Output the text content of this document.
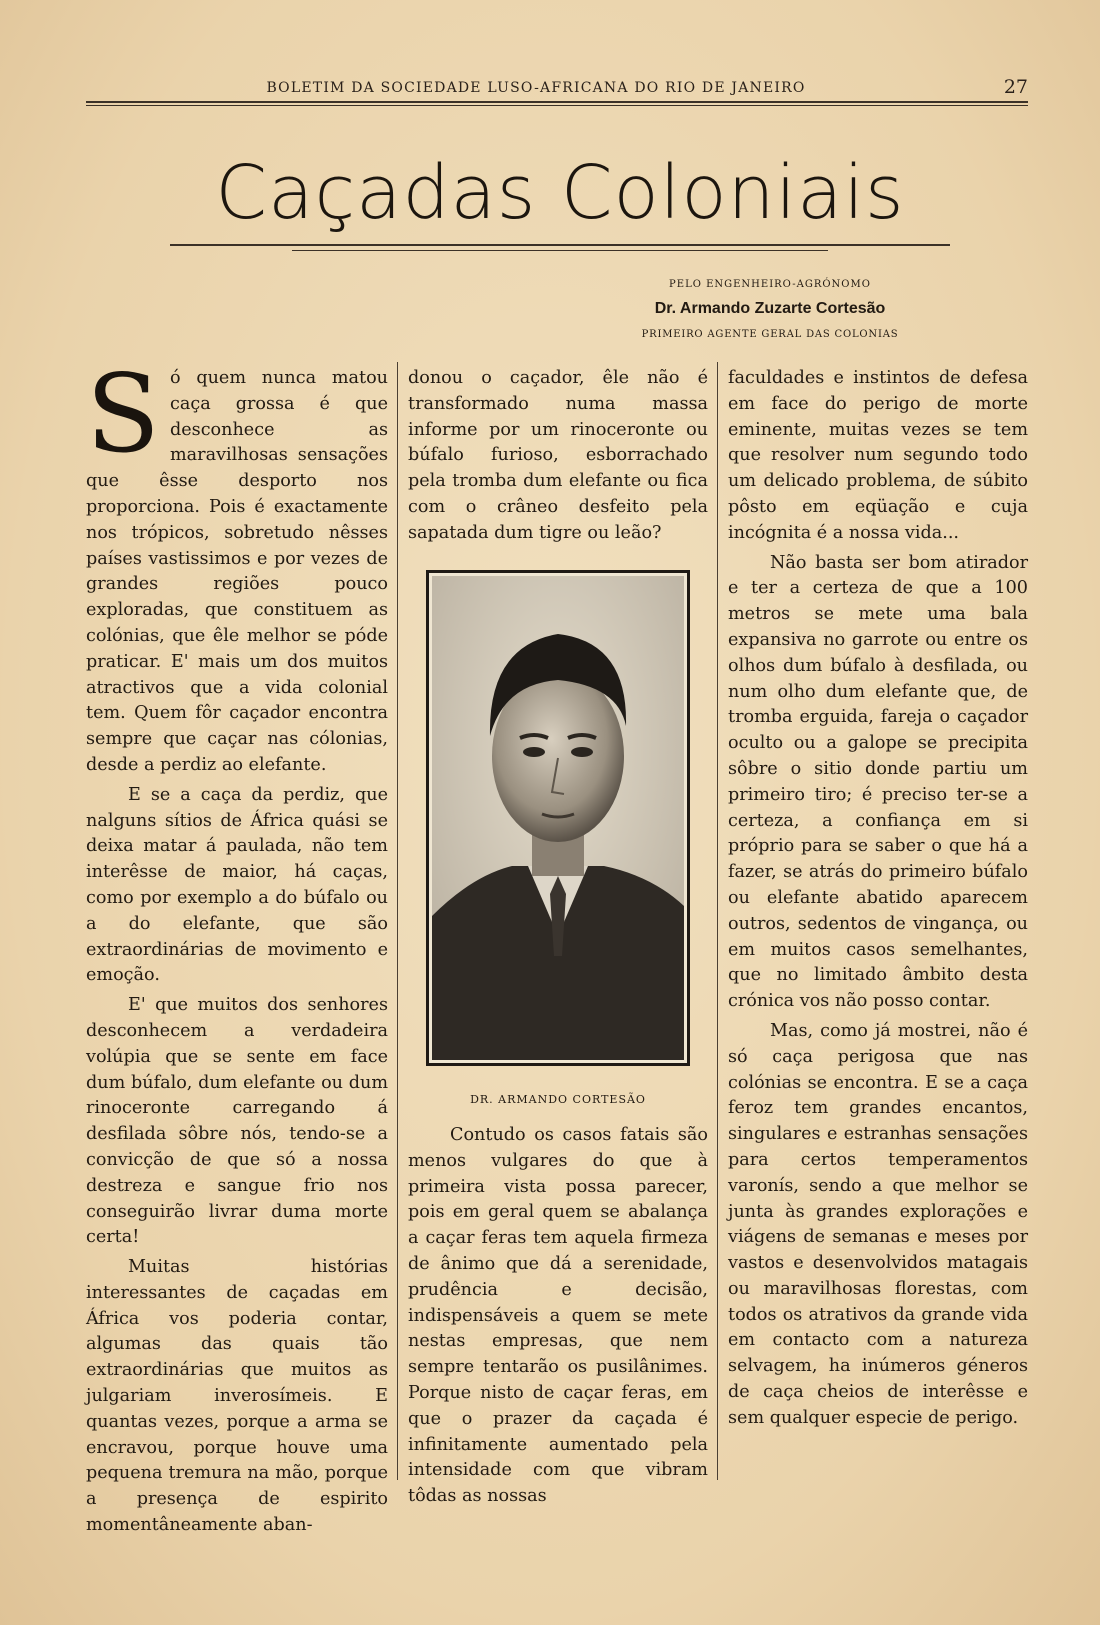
BOLETIM DA SOCIEDADE LUSO-AFRICANA DO RIO DE JANEIRO	27
Caçadas Coloniais
PELO ENGENHEIRO-AGRÓNOMO
Dr. Armando Zuzarte Cortesão
PRIMEIRO AGENTE GERAL DAS COLONIAS

Só quem nunca matou caça grossa é que desconhece as maravilhosas sensações que êsse desporto nos proporciona. Pois é exactamente nos trópicos, sobretudo nêsses países vastissimos e por vezes de grandes regiões pouco exploradas, que constituem as colónias, que êle melhor se póde praticar. E' mais um dos muitos atractivos que a vida colonial tem. Quem fôr caçador encontra sempre que caçar nas cólonias, desde a perdiz ao elefante.

E se a caça da perdiz, que nalguns sítios de África quási se deixa matar á paulada, não tem interêsse de maior, há caças, como por exemplo a do búfalo ou a do elefante, que são extraordinárias de movimento e emoção.

E' que muitos dos senhores desconhecem a verdadeira volúpia que se sente em face dum búfalo, dum elefante ou dum rinoceronte carregando á desfilada sôbre nós, tendo-se a convicção de que só a nossa destreza e sangue frio nos conseguirão livrar duma morte certa!

Muitas histórias interessantes de caçadas em África vos poderia contar, algumas das quais tão extraordinárias que muitos as julgariam inverosímeis. E quantas vezes, porque a arma se encravou, porque houve uma pequena tremura na mão, porque a presença de espirito momentâneamente aban-

donou o caçador, êle não é transformado numa massa informe por um rinoceronte ou búfalo furioso, esborrachado pela tromba dum elefante ou fica com o crâneo desfeito pela sapatada dum tigre ou leão?

DR. ARMANDO CORTESÃO

Contudo os casos fatais são menos vulgares do que à primeira vista possa parecer, pois em geral quem se abalança a caçar feras tem aquela firmeza de ânimo que dá a serenidade, prudência e decisão, indispensáveis a quem se mete nestas empresas, que nem sempre tentarão os pusilânimes. Porque nisto de caçar feras, em que o prazer da caçada é infinitamente aumentado pela intensidade com que vibram tôdas as nossas

faculdades e instintos de defesa em face do perigo de morte eminente, muitas vezes se tem que resolver num segundo todo um delicado problema, de súbito pôsto em eqüação e cuja incógnita é a nossa vida...

Não basta ser bom atirador e ter a certeza de que a 100 metros se mete uma bala expansiva no garrote ou entre os olhos dum búfalo à desfilada, ou num olho dum elefante que, de tromba erguida, fareja o caçador oculto ou a galope se precipita sôbre o sitio donde partiu um primeiro tiro; é preciso ter-se a certeza, a confiança em si próprio para se saber o que há a fazer, se atrás do primeiro búfalo ou elefante abatido aparecem outros, sedentos de vingança, ou em muitos casos semelhantes, que no limitado âmbito desta crónica vos não posso contar.

Mas, como já mostrei, não é só caça perigosa que nas colónias se encontra. E se a caça feroz tem grandes encantos, singulares e estranhas sensações para certos temperamentos varonís, sendo a que melhor se junta às grandes explorações e viágens de semanas e meses por vastos e desenvolvidos matagais ou maravilhosas florestas, com todos os atrativos da grande vida em contacto com a natureza selvagem, ha inúmeros géneros de caça cheios de interêsse e sem qualquer especie de perigo.
